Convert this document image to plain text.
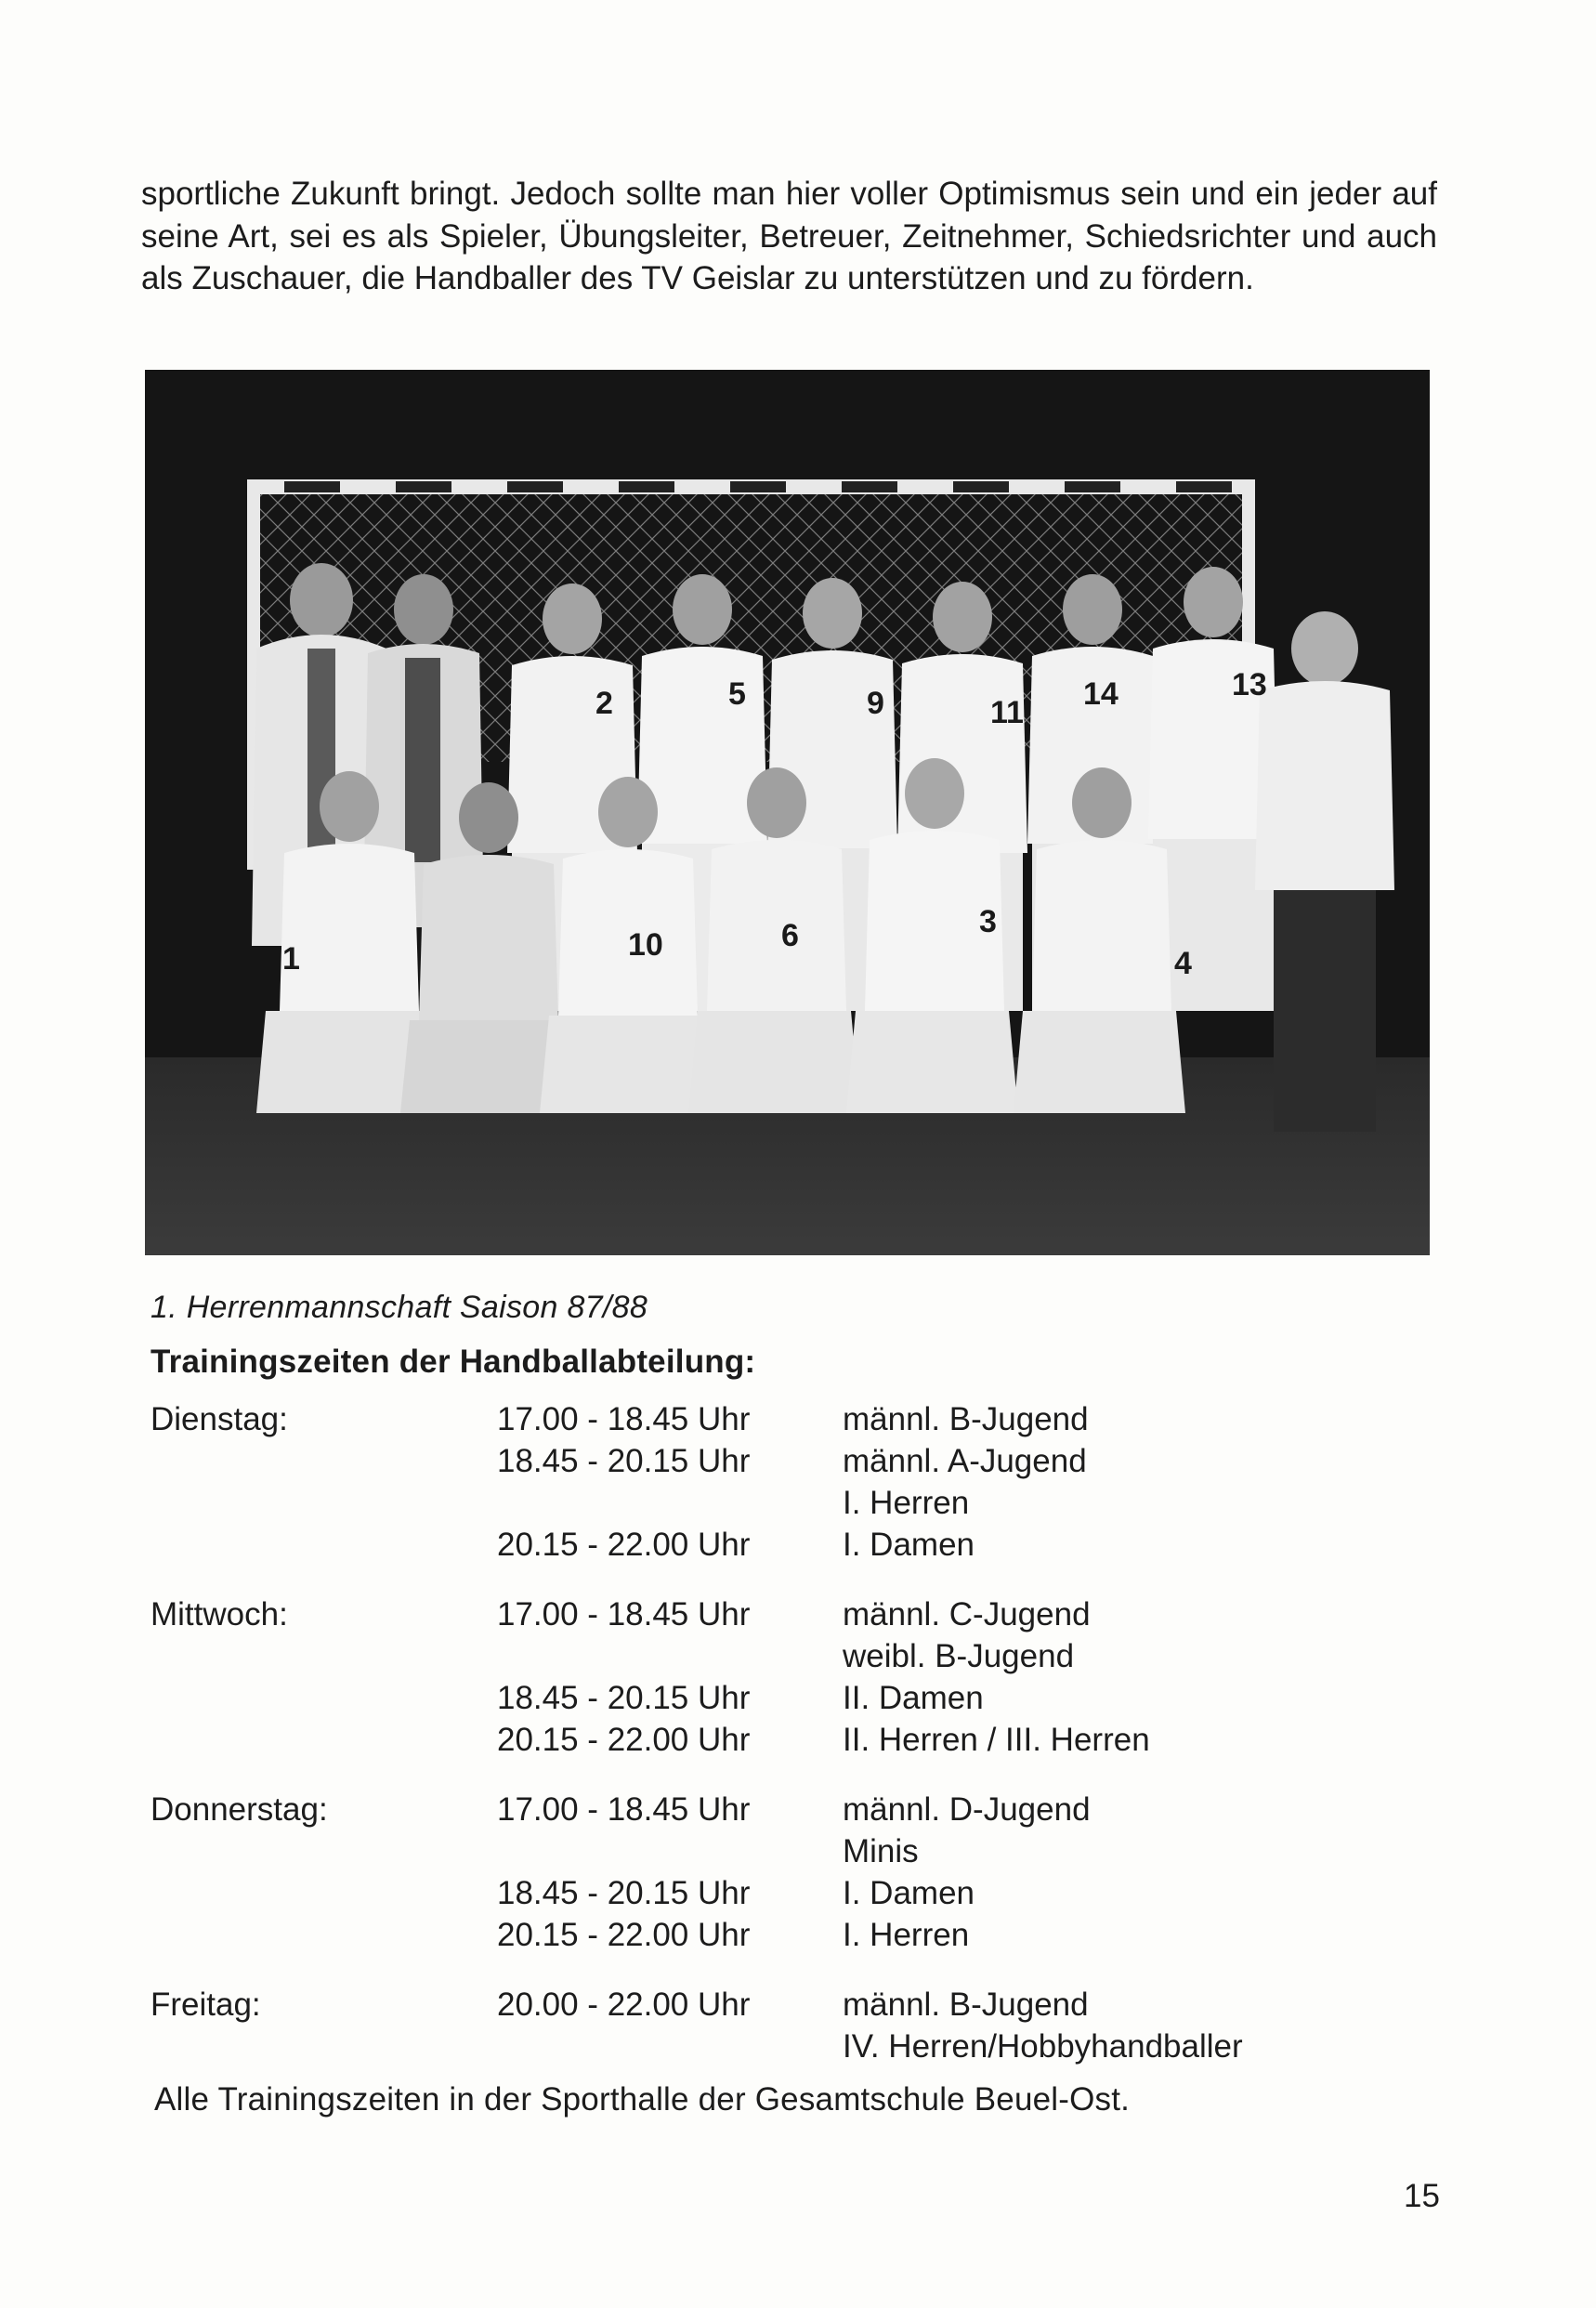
sportliche Zukunft bringt. Jedoch sollte man hier voller Optimismus sein und ein jeder auf seine Art, sei es als Spieler, Übungsleiter, Betreuer, Zeitnehmer, Schiedsrichter und auch als Zuschauer, die Handballer des TV Geislar zu unterstützen und zu fördern.

2	5	9	11
14	13
1	10	6	3
4
1. Herrenmannschaft Saison 87/88
Trainingszeiten der Handballabteilung:
Dienstag:	17.00 - 18.45 Uhr	männl. B-Jugend
18.45 - 20.15 Uhr	männl. A-Jugend
I. Herren
20.15 - 22.00 Uhr	I. Damen
Mittwoch:	17.00 - 18.45 Uhr	männl. C-Jugend
weibl. B-Jugend
18.45 - 20.15 Uhr	II. Damen
20.15 - 22.00 Uhr	II. Herren / III. Herren
Donnerstag:	17.00 - 18.45 Uhr	männl. D-Jugend
Minis
18.45 - 20.15 Uhr	I. Damen
20.15 - 22.00 Uhr	I. Herren
Freitag:	20.00 - 22.00 Uhr	männl. B-Jugend
IV. Herren/Hobbyhandballer
Alle Trainingszeiten in der Sporthalle der Gesamtschule Beuel-Ost.
15
